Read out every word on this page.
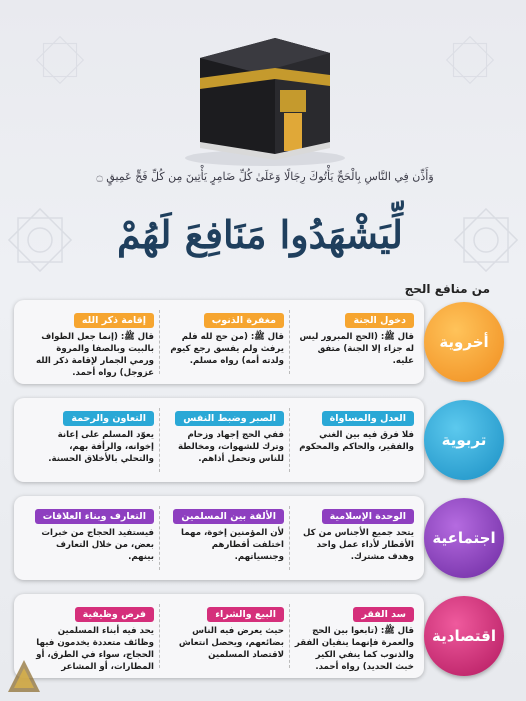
وَأَذِّن فِي النَّاسِ بِالْحَجِّ يَأْتُوكَ رِجَالًا وَعَلَىٰ كُلِّ ضَامِرٍ يَأْتِينَ مِن كُلِّ فَجٍّ عَمِيقٍ ۝
لِّيَشْهَدُوا مَنَافِعَ لَهُمْ
من منافع الحج
دخول الجنة
قال ﷺ: (الحج المبرور ليس له جزاء إلا الجنة) متفق عليه.
مغفرة الذنوب
قال ﷺ: (من حج لله فلم يرفث ولم يفسق رجع كيوم ولدته أمه) رواه مسلم.
إقامة ذكر الله
قال ﷺ: (إنما جعل الطواف بالبيت وبالصفا والمروة ورمي الجمار لإقامة ذكر الله عزوجل) رواه أحمد.
أخروية
العدل والمساواة
فلا فرق فيه بين الغني والفقير، والحاكم والمحكوم
الصبر وضبط النفس
ففي الحج إجهاد وزحام وترك للشهوات، ومخالطة للناس وتحمل أذاهم.
التعاون والرحمة
يعوّد المسلم على إعانة إخوانه، والرأفة بهم، والتحلي بالأخلاق الحسنة.
تربوية
الوحدة الإسلامية
يتحد جميع الأجناس من كل الأقطار لأداء عمل واحد وهدف مشترك.
الألفة بين المسلمين
لأن المؤمنين إخوة، مهما اختلفت أقطارهم وجنسياتهم.
التعارف وبناء العلاقات
فيستفيد الحجاج من خبرات بعض، من خلال التعارف بينهم.
اجتماعية
سد الفقر
قال ﷺ: (تابعوا بين الحج والعمرة فإنهما ينفيان الفقر والذنوب كما ينفي الكير خبث الحديد) رواه أحمد.
البيع والشراء
حيث يعرض فيه الناس بضائعهم، ويحصل انتعاش لاقتصاد المسلمين
فرص وظيفية
يحد فيه أبناء المسلمين وظائف متعددة يخدمون فيها الحجاج، سواء في الطرق، أو المطارات، أو المشاعر
اقتصادية
